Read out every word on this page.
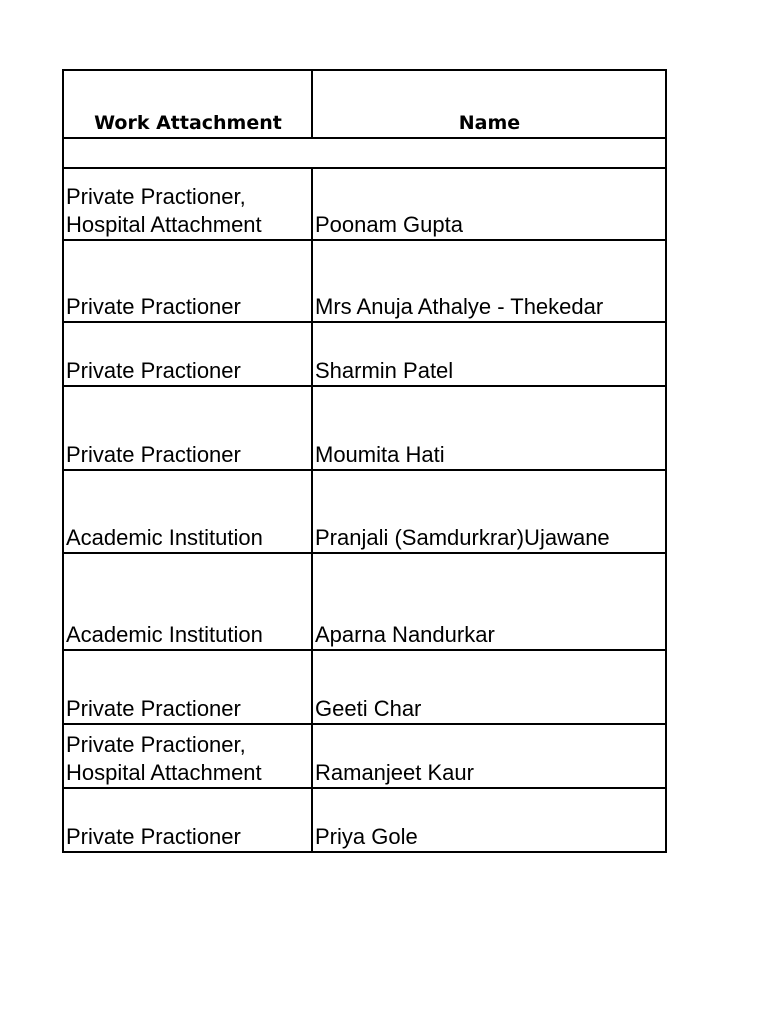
Work Attachment	Name

Private Practioner,
Hospital Attachment	Poonam Gupta

Private Practioner	Mrs Anuja Athalye - Thekedar

Private Practioner	Sharmin Patel

Private Practioner	Moumita Hati

Academic Institution	Pranjali (Samdurkrar)Ujawane

Academic Institution	Aparna Nandurkar

Private Practioner	Geeti Char

Private Practioner,
Hospital Attachment	Ramanjeet Kaur

Private Practioner	Priya Gole
